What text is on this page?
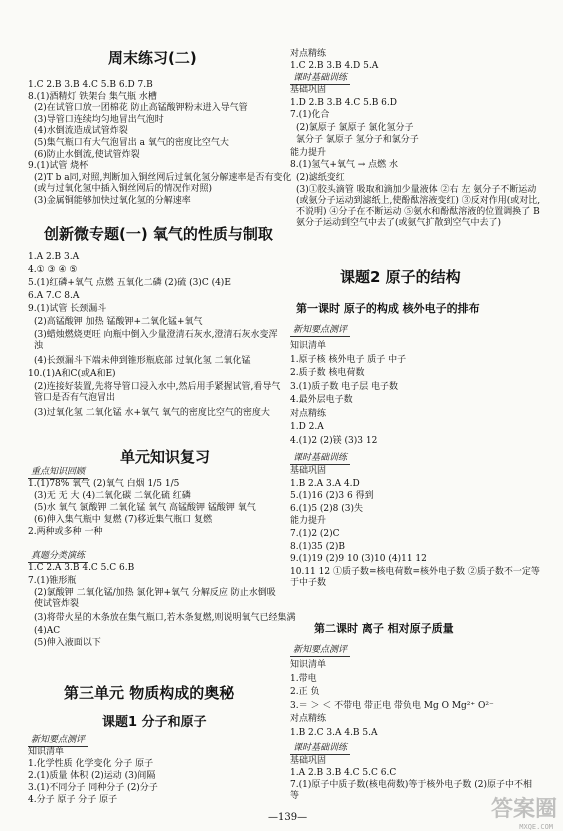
周末练习(二)
1.C 2.B 3.B 4.C 5.B 6.D 7.B
8.(1)酒精灯 铁架台 集气瓶 水槽
(2)在试管口放一团棉花 防止高锰酸钾粉末进入导气管
(3)导管口连续均匀地冒出气泡时
(4)水倒流造成试管炸裂
(5)集气瓶口有大气泡冒出 a 氧气的密度比空气大
(6)防止水倒流,使试管炸裂
9.(1)试管 烧杯
(2)T b a同,对照,判断加入铜丝网后过氧化氢分解速率是否有变化
(或与过氧化氢中插入铜丝网后的情况作对照)
(3)金属铜能够加快过氧化氢的分解速率
创新微专题(一) 氧气的性质与制取
1.A 2.B 3.A
4.① ③ ④ ⑤
5.(1)红磷+氧气 点燃 五氧化二磷 (2)硫 (3)C (4)E
6.A 7.C 8.A
9.(1)试管 长颈漏斗
(2)高锰酸钾 加热 锰酸钾+二氧化锰+氧气
(3)蜡烛燃烧更旺 向瓶中倒入少量澄清石灰水,澄清石灰水变浑浊
(4)长颈漏斗下端未伸到锥形瓶底部 过氧化氢 二氧化锰
10.(1)A和C(或A和E)
(2)连接好装置,先将导管口浸入水中,然后用手紧握试管,看导气管口是否有气泡冒出
(3)过氧化氢 二氧化锰 水+氧气 氧气的密度比空气的密度大
单元知识复习
重点知识回顾
1.(1)78% 氧气 (2)氧气 白烟 1/5 1/5
(3)无 无 大 (4)二氧化碳 二氧化硫 红磷
(5)水 氧气 氯酸钾 二氧化锰 氧气 高锰酸钾 锰酸钾 氧气
(6)伸入集气瓶中 复燃 (7)移近集气瓶口 复燃
2.两种或多种 一种
真题分类演练
1.C 2.A 3.B 4.C 5.C 6.B
7.(1)锥形瓶
(2)氯酸钾 二氧化锰/加热 氯化钾+氧气 分解反应 防止水倒吸使试管炸裂
(3)将带火星的木条放在集气瓶口,若木条复燃,则说明氧气已经集满
(4)AC
(5)伸入液面以下
第三单元 物质构成的奥秘
课题1 分子和原子
新知要点测评
知识清单
1.化学性质 化学变化 分子 原子
2.(1)质量 体积 (2)运动 (3)间隔
3.(1)不同分子 同种分子 (2)分子
4.分子 原子 分子 原子
对点精练
1.C 2.B 3.B 4.D 5.A
课时基础训练
基础巩固
1.D 2.B 3.B 4.C 5.B 6.D
7.(1)化合
(2)氯原子 氯原子 氯化氢分子
氯分子 氯原子 氢分子和氯分子
能力提升
8.(1)氢气+氧气 → 点燃 水
(2)滤纸变红
(3)①胶头滴管 吸取和滴加少量液体 ②右 左 氨分子不断运动(或氨分子运动到滤纸上,使酚酞溶液变红) ③反对作用(或对比,不说明) ④分子在不断运动 ⑤氨水和酚酞溶液的位置调换了 B 氨分子运动到空气中去了(或氨气扩散到空气中去了)
课题2 原子的结构
第一课时 原子的构成 核外电子的排布
新知要点测评
知识清单
1.原子核 核外电子 质子 中子
2.质子数 核电荷数
3.(1)质子数 电子层 电子数
4.最外层电子数
对点精练
1.D 2.A
4.(1)2 (2)镁 (3)3 12
课时基础训练
基础巩固
1.B 2.A 3.A 4.D
5.(1)16 (2)3 6 得到
6.(1)5 (2)8 (3)失
能力提升
7.(1)2 (2)C
8.(1)35 (2)B
9.(1)19 (2)9 10 (3)10 (4)11 12
10.11 12 ①质子数=核电荷数=核外电子数 ②质子数不一定等于中子数
第二课时 离子 相对原子质量
新知要点测评
知识清单
1.带电
2.正 负
3.＝ ＞ ＜ 不带电 带正电 带负电 Mg O Mg²⁺ O²⁻
对点精练
1.B 2.C 3.A 4.B 5.A
课时基础训练
基础巩固
1.A 2.B 3.B 4.C 5.C 6.C
7.(1)原子中质子数(核电荷数)等于核外电子数 (2)原子中不相等
—139—	答案圈
MXQE.COM
